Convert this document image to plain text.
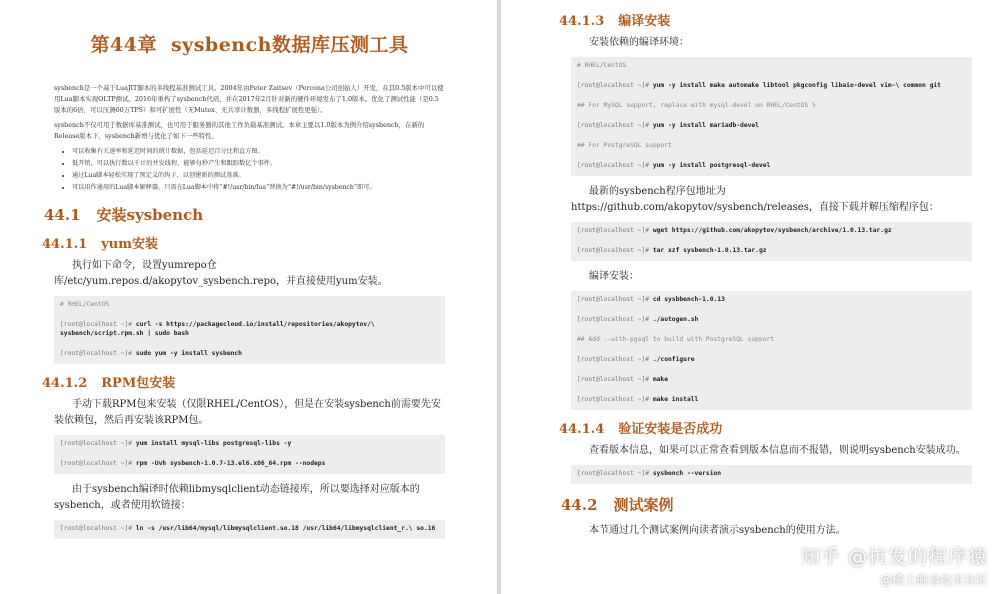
第44章 sysbench数据库压测工具

sysbench是一个基于LuaJIT脚本的多线程基准测试工具。2004年由Peter Zaitsev（Percona公司创始人）开发，在其0.5版本中可以使用Lua脚本实现OLTP测试。2016年重构了sysbench代码，并在2017年2月针对新的硬件环境发布了1.0版本。优化了测试性能（是0.5版本的6倍，可以压测60万TPS）和可扩展性（无Mutex、无共享计数器，多线程扩展性更强）。

sysbench不仅可用于数据库基准测试，也可用于服务器的其他工作负载基准测试。本章主要以1.0版本为例介绍sysbench，在新的Release版本下，sysbench新增与优化了如下一些特性。

• 可以收集有关速率和延迟时间的统计数据，包括延迟百分比和直方图。
• 低开销，可以执行数以千计的并发线程，能够每秒产生和跟踪数亿个事件。
• 通过Lua脚本轻松实现了预定义的钩子，以创建新的测试基准。
• 可以用作通用的Lua脚本解释器，只需在Lua脚本中将“#!/usr/bin/lua”替换为“#!/usr/bin/sysbench”即可。
44.1 安装sysbench
44.1.1 yum安装

执行如下命令，设置yumrepo仓库/etc/yum.repos.d/akopytov_sysbench.repo，并直接使用yum安装。

# RHEL/CentOS
[root@localhost ~]# curl -s https://packagecloud.io/install/repositories/akopytov/\ sysbench/script.rpm.sh | sudo bash
[root@localhost ~]# sudo yum -y install sysbench
44.1.2 RPM包安装

手动下载RPM包来安装（仅限RHEL/CentOS），但是在安装sysbench前需要先安装依赖包，然后再安装该RPM包。

[root@localhost ~]# yum install mysql-libs postgresql-libs -y
[root@localhost ~]# rpm -Uvh sysbench-1.0.7-13.el6.x86_64.rpm --nodeps

由于sysbench编译时依赖libmysqlclient动态链接库，所以要选择对应版本的sysbench，或者使用软链接：

[root@localhost ~]# ln -s /usr/lib64/mysql/libmysqlclient.so.18 /usr/lib64/libmysqlclient_r.\ so.16
44.1.3 编译安装

安装依赖的编译环境：

# RHEL/CentOS
[root@localhost ~]# yum -y install make automake libtool pkgconfig libaio-devel vim-\ common git
## For MySQL support, replace with mysql-devel on RHEL/CentOS 5
[root@localhost ~]# yum -y install mariadb-devel
## For PostgreSQL support
[root@localhost ~]# yum -y install postgresql-devel

最新的sysbench程序包地址为https://github.com/akopytov/sysbench/releases，直接下载并解压缩程序包：

[root@localhost ~]# wget https://github.com/akopytov/sysbench/archive/1.0.13.tar.gz
[root@localhost ~]# tar xzf sysbench-1.0.13.tar.gz

编译安装：

[root@localhost ~]# cd sysbbench-1.0.13
[root@localhost ~]# ./autogen.sh
## Add --with-pgsql to build with PostgreSQL support
[root@localhost ~]# ./configure
[root@localhost ~]# make
[root@localhost ~]# make install
44.1.4 验证安装是否成功

查看版本信息，如果可以正常查看到版本信息而不报错，则说明sysbench安装成功。

[root@localhost ~]# sysbench --version
44.2 测试案例

本节通过几个测试案例向读者演示sysbench的使用方法。

知乎 @抗发的程序猿
@稀土掘金技术社区
